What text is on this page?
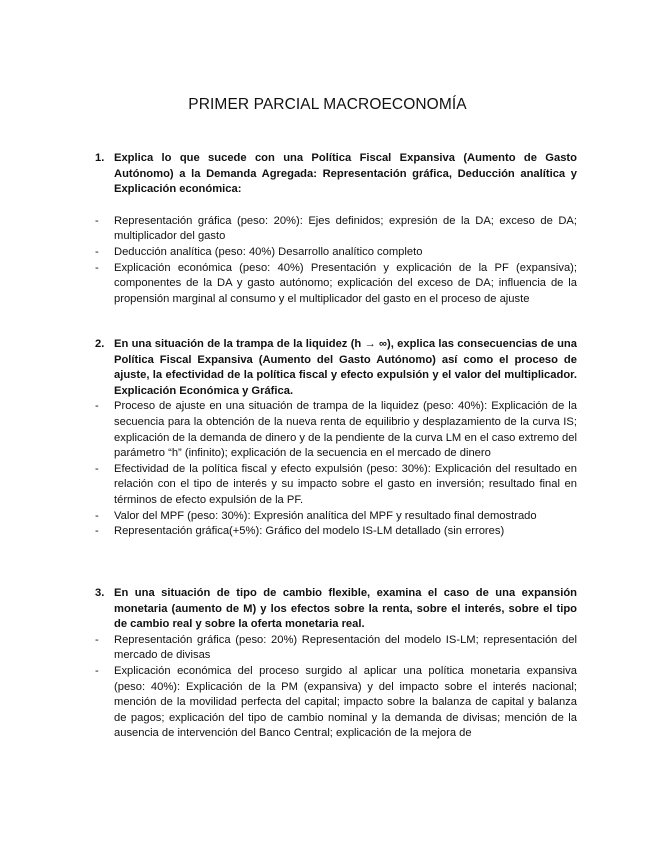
PRIMER PARCIAL MACROECONOMÍA
1. Explica lo que sucede con una Política Fiscal Expansiva (Aumento de Gasto Autónomo) a la Demanda Agregada: Representación gráfica, Deducción analítica y Explicación económica:
- Representación gráfica (peso: 20%): Ejes definidos; expresión de la DA; exceso de DA; multiplicador del gasto
- Deducción analítica (peso: 40%) Desarrollo analítico completo
- Explicación económica (peso: 40%) Presentación y explicación de la PF (expansiva); componentes de la DA y gasto autónomo; explicación del exceso de DA; influencia de la propensión marginal al consumo y el multiplicador del gasto en el proceso de ajuste
2. En una situación de la trampa de la liquidez (h → ∞), explica las consecuencias de una Política Fiscal Expansiva (Aumento del Gasto Autónomo) así como el proceso de ajuste, la efectividad de la política fiscal y efecto expulsión y el valor del multiplicador. Explicación Económica y Gráfica.
- Proceso de ajuste en una situación de trampa de la liquidez (peso: 40%): Explicación de la secuencia para la obtención de la nueva renta de equilibrio y desplazamiento de la curva IS; explicación de la demanda de dinero y de la pendiente de la curva LM en el caso extremo del parámetro “h” (infinito); explicación de la secuencia en el mercado de dinero
- Efectividad de la política fiscal y efecto expulsión (peso: 30%): Explicación del resultado en relación con el tipo de interés y su impacto sobre el gasto en inversión; resultado final en términos de efecto expulsión de la PF.
- Valor del MPF (peso: 30%): Expresión analítica del MPF y resultado final demostrado
- Representación gráfica(+5%): Gráfico del modelo IS-LM detallado (sin errores)
3. En una situación de tipo de cambio flexible, examina el caso de una expansión monetaria (aumento de M) y los efectos sobre la renta, sobre el interés, sobre el tipo de cambio real y sobre la oferta monetaria real.
- Representación gráfica (peso: 20%) Representación del modelo IS-LM; representación del mercado de divisas
- Explicación económica del proceso surgido al aplicar una política monetaria expansiva (peso: 40%): Explicación de la PM (expansiva) y del impacto sobre el interés nacional; mención de la movilidad perfecta del capital; impacto sobre la balanza de capital y balanza de pagos; explicación del tipo de cambio nominal y la demanda de divisas; mención de la ausencia de intervención del Banco Central; explicación de la mejora de
